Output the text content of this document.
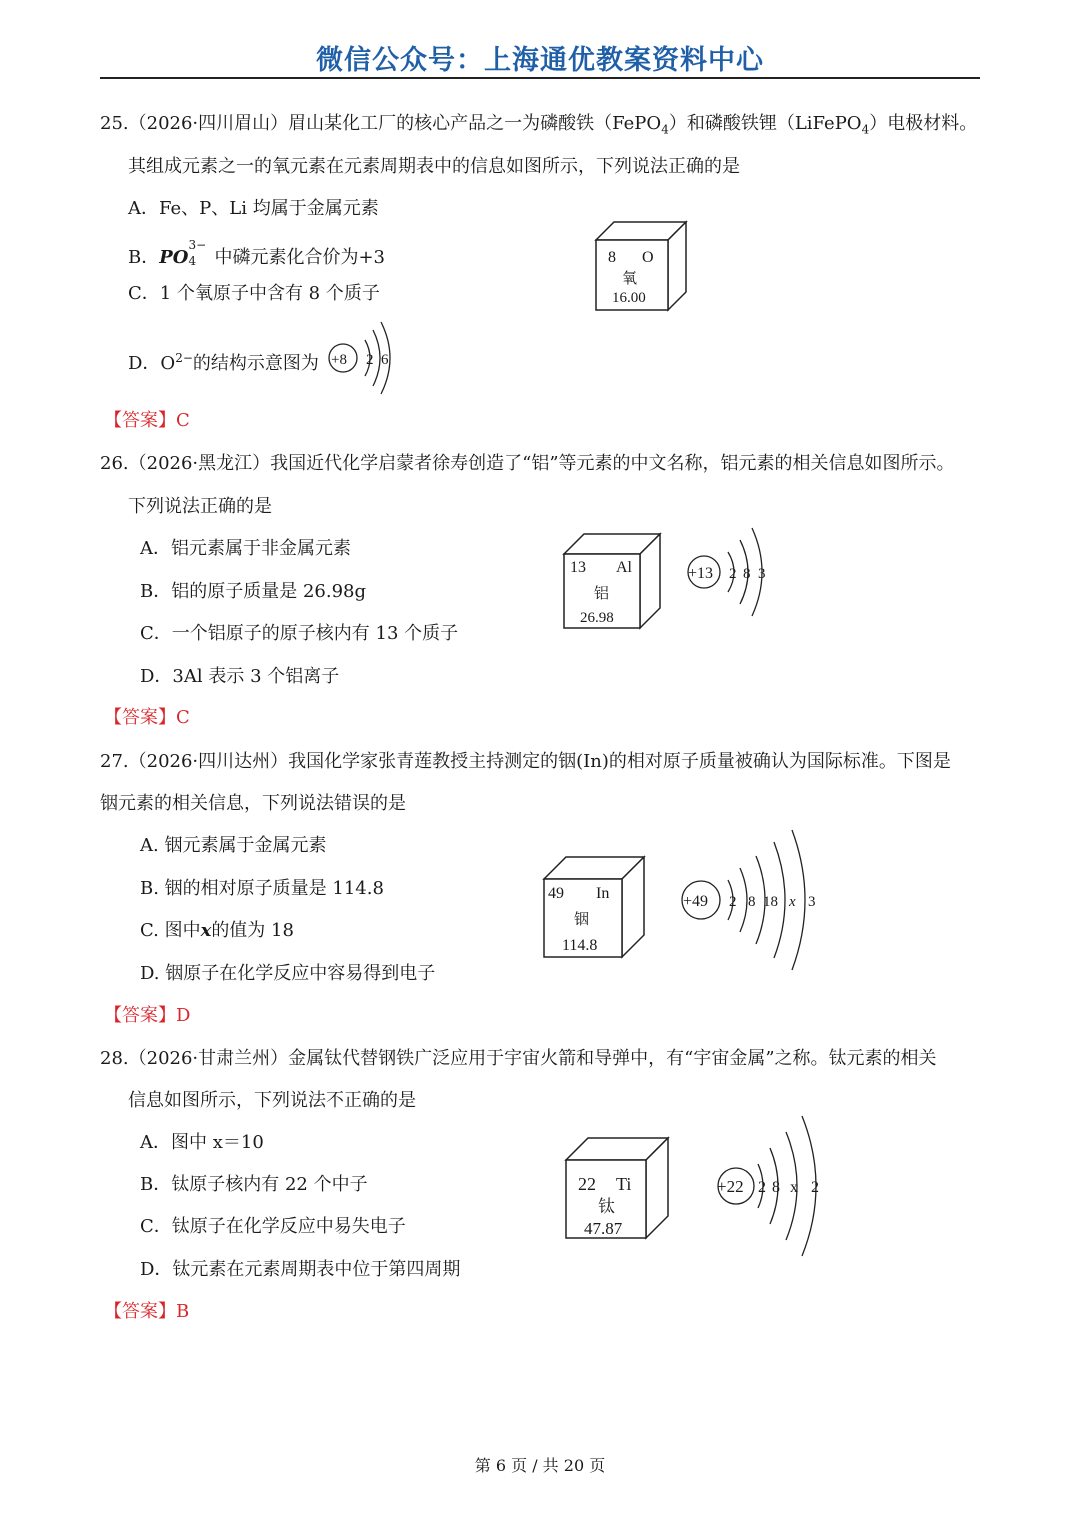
微信公众号：上海通优教案资料中心
25.（2026·四川眉山）眉山某化工厂的核心产品之一为磷酸铁（FePO$_4$）和磷酸铁锂（LiFePO$_4$）电极材料。
其组成元素之一的氧元素在元素周期表中的信息如图所示，下列说法正确的是
A．Fe、P、Li 均属于金属元素
B．PO
3−
4 中磷元素化合价为+3
C．1 个氧原子中含有 8 个质子
D．$O^{2-}$的结构示意图为
【答案】C
8 O
氧
16.00
+8 2 6
26.（2026·黑龙江）我国近代化学启蒙者徐寿创造了“铝”等元素的中文名称，铝元素的相关信息如图所示。
下列说法正确的是
A．铝元素属于非金属元素
B．铝的原子质量是 26.98g
C．一个铝原子的原子核内有 13 个质子
D．3Al 表示 3 个铝离子
【答案】C
13 Al
铝
26.98
+13 2 8 3
27.（2026·四川达州）我国化学家张青莲教授主持测定的铟(In)的相对原子质量被确认为国际标准。下图是
铟元素的相关信息，下列说法错误的是
A. 铟元素属于金属元素
B. 铟的相对原子质量是 114.8
C. 图中x的值为 18
D. 铟原子在化学反应中容易得到电子
【答案】D
49 In
铟
114.8
+49 2 8 18 x 3
28.（2026·甘肃兰州）金属钛代替钢铁广泛应用于宇宙火箭和导弹中，有“宇宙金属”之称。钛元素的相关
信息如图所示，下列说法不正确的是
A．图中 x＝10
B．钛原子核内有 22 个中子
C．钛原子在化学反应中易失电子
D．钛元素在元素周期表中位于第四周期
【答案】B
22 Ti
钛
47.87
+22 2 8 x 2
第 6 页 / 共 20 页
